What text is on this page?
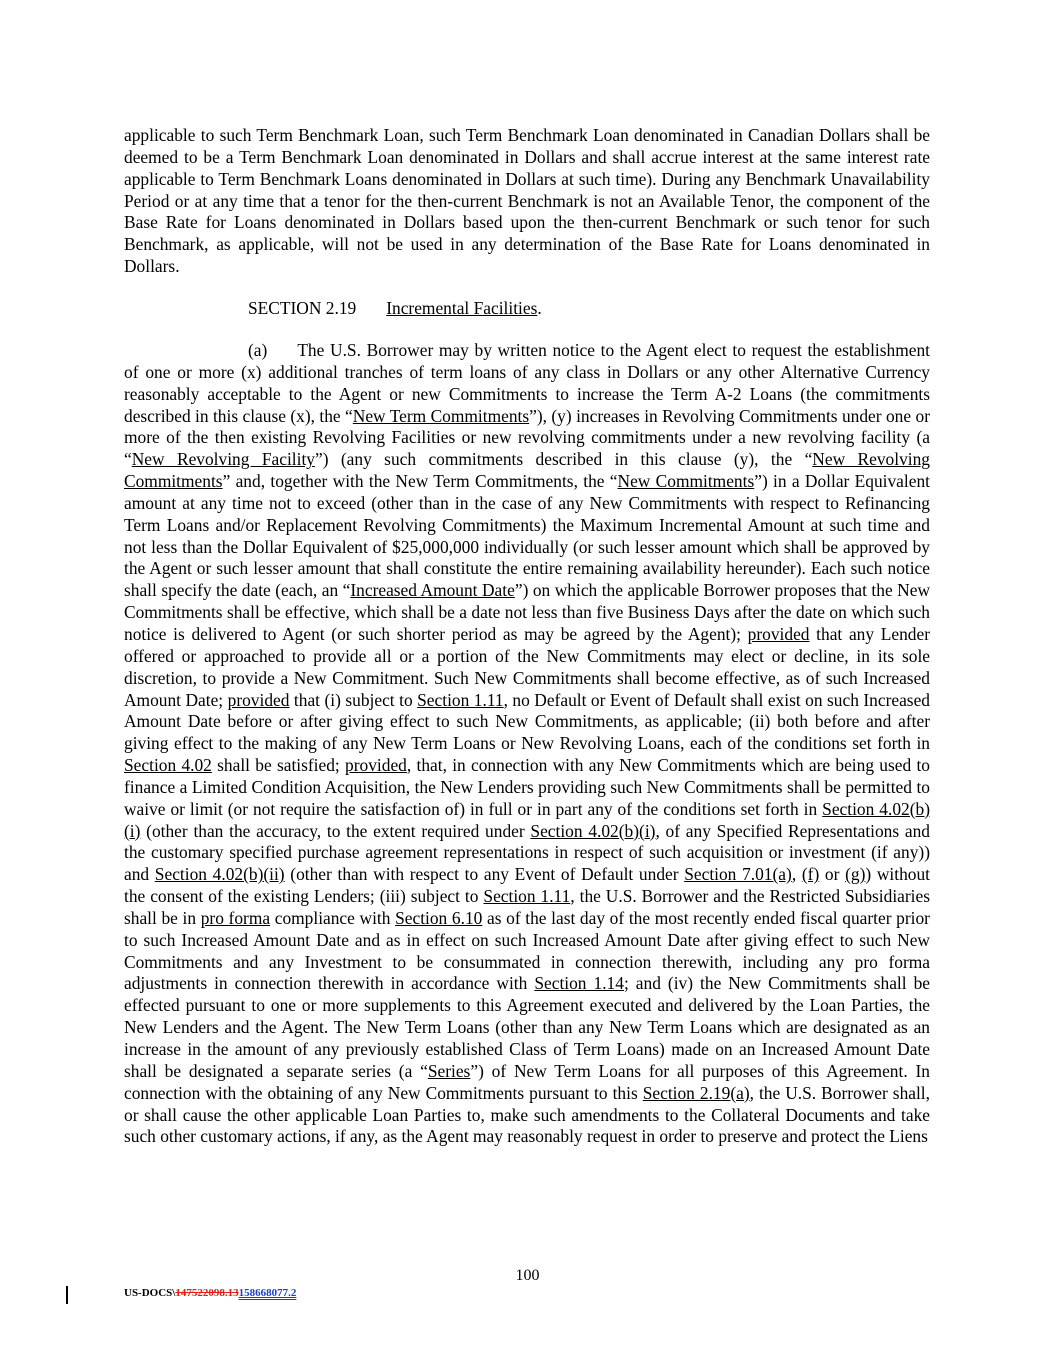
applicable to such Term Benchmark Loan, such Term Benchmark Loan denominated in Canadian Dollars shall be deemed to be a Term Benchmark Loan denominated in Dollars and shall accrue interest at the same interest rate applicable to Term Benchmark Loans denominated in Dollars at such time). During any Benchmark Unavailability Period or at any time that a tenor for the then-current Benchmark is not an Available Tenor, the component of the Base Rate for Loans denominated in Dollars based upon the then-current Benchmark or such tenor for such Benchmark, as applicable, will not be used in any determination of the Base Rate for Loans denominated in Dollars.

SECTION 2.19 Incremental Facilities.

(a) The U.S. Borrower may by written notice to the Agent elect to request the establishment of one or more (x) additional tranches of term loans of any class in Dollars or any other Alternative Currency reasonably acceptable to the Agent or new Commitments to increase the Term A-2 Loans (the commitments described in this clause (x), the “New Term Commitments”), (y) increases in Revolving Commitments under one or more of the then existing Revolving Facilities or new revolving commitments under a new revolving facility (a “New Revolving Facility”) (any such commitments described in this clause (y), the “New Revolving Commitments” and, together with the New Term Commitments, the “New Commitments”) in a Dollar Equivalent amount at any time not to exceed (other than in the case of any New Commitments with respect to Refinancing Term Loans and/or Replacement Revolving Commitments) the Maximum Incremental Amount at such time and not less than the Dollar Equivalent of $25,000,000 individually (or such lesser amount which shall be approved by the Agent or such lesser amount that shall constitute the entire remaining availability hereunder). Each such notice shall specify the date (each, an “Increased Amount Date”) on which the applicable Borrower proposes that the New Commitments shall be effective, which shall be a date not less than five Business Days after the date on which such notice is delivered to Agent (or such shorter period as may be agreed by the Agent); provided that any Lender offered or approached to provide all or a portion of the New Commitments may elect or decline, in its sole discretion, to provide a New Commitment. Such New Commitments shall become effective, as of such Increased Amount Date; provided that (i) subject to Section 1.11, no Default or Event of Default shall exist on such Increased Amount Date before or after giving effect to such New Commitments, as applicable; (ii) both before and after giving effect to the making of any New Term Loans or New Revolving Loans, each of the conditions set forth in Section 4.02 shall be satisfied; provided, that, in connection with any New Commitments which are being used to finance a Limited Condition Acquisition, the New Lenders providing such New Commitments shall be permitted to waive or limit (or not require the satisfaction of) in full or in part any of the conditions set forth in Section 4.02(b)(i) (other than the accuracy, to the extent required under Section 4.02(b)(i), of any Specified Representations and the customary specified purchase agreement representations in respect of such acquisition or investment (if any)) and Section 4.02(b)(ii) (other than with respect to any Event of Default under Section 7.01(a), (f) or (g)) without the consent of the existing Lenders; (iii) subject to Section 1.11, the U.S. Borrower and the Restricted Subsidiaries shall be in pro forma compliance with Section 6.10 as of the last day of the most recently ended fiscal quarter prior to such Increased Amount Date and as in effect on such Increased Amount Date after giving effect to such New Commitments and any Investment to be consummated in connection therewith, including any pro forma adjustments in connection therewith in accordance with Section 1.14; and (iv) the New Commitments shall be effected pursuant to one or more supplements to this Agreement executed and delivered by the Loan Parties, the New Lenders and the Agent. The New Term Loans (other than any New Term Loans which are designated as an increase in the amount of any previously established Class of Term Loans) made on an Increased Amount Date shall be designated a separate series (a “Series”) of New Term Loans for all purposes of this Agreement. In connection with the obtaining of any New Commitments pursuant to this Section 2.19(a), the U.S. Borrower shall, or shall cause the other applicable Loan Parties to, make such amendments to the Collateral Documents and take such other customary actions, if any, as the Agent may reasonably request in order to preserve and protect the Liens

100
US-DOCS\147522098.13158668077.2
